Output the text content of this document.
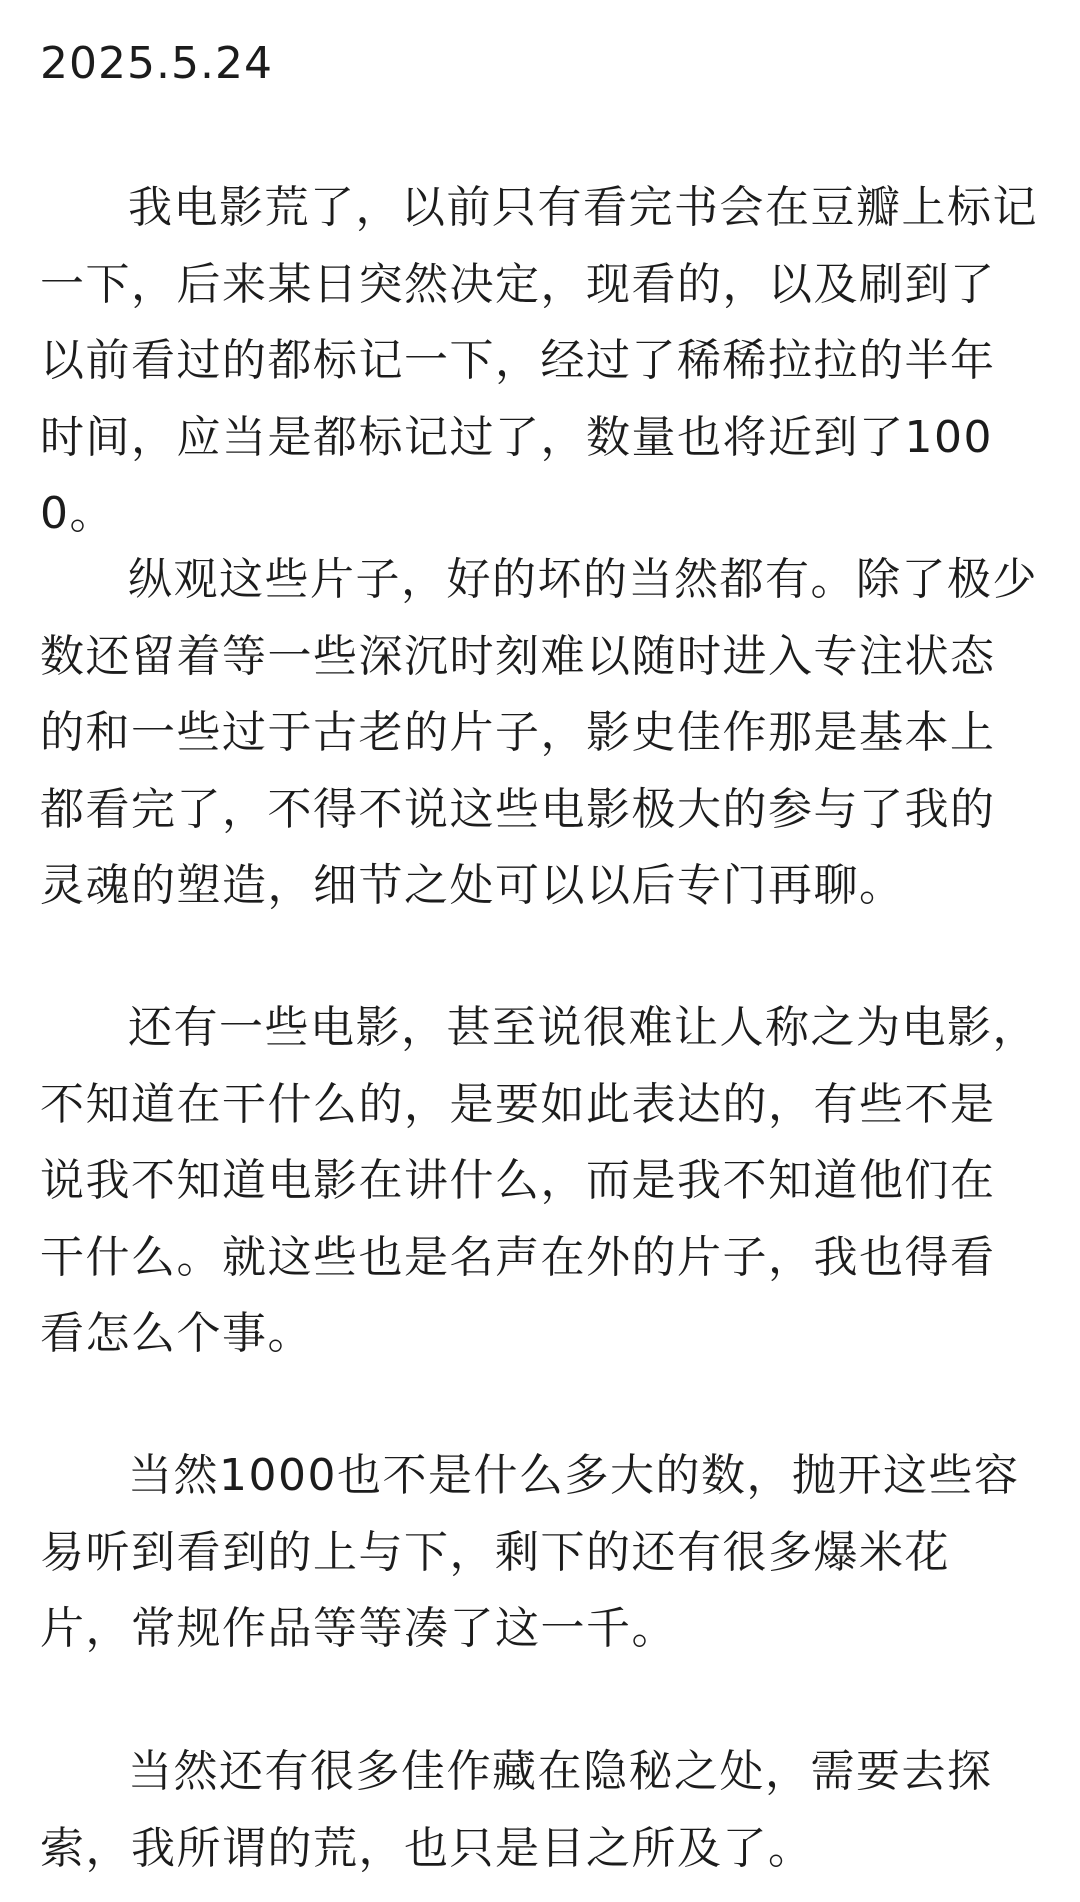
2025.5.24

我电影荒了，以前只有看完书会在豆瓣上标记一下，后来某日突然决定，现看的，以及刷到了以前看过的都标记一下，经过了稀稀拉拉的半年时间，应当是都标记过了，数量也将近到了1000。

纵观这些片子，好的坏的当然都有。除了极少数还留着等一些深沉时刻难以随时进入专注状态的和一些过于古老的片子，影史佳作那是基本上都看完了，不得不说这些电影极大的参与了我的灵魂的塑造，细节之处可以以后专门再聊。

还有一些电影，甚至说很难让人称之为电影，不知道在干什么的，是要如此表达的，有些不是说我不知道电影在讲什么，而是我不知道他们在干什么。就这些也是名声在外的片子，我也得看看怎么个事。

当然1000也不是什么多大的数，抛开这些容易听到看到的上与下，剩下的还有很多爆米花片，常规作品等等凑了这一千。

当然还有很多佳作藏在隐秘之处，需要去探索，我所谓的荒，也只是目之所及了。
